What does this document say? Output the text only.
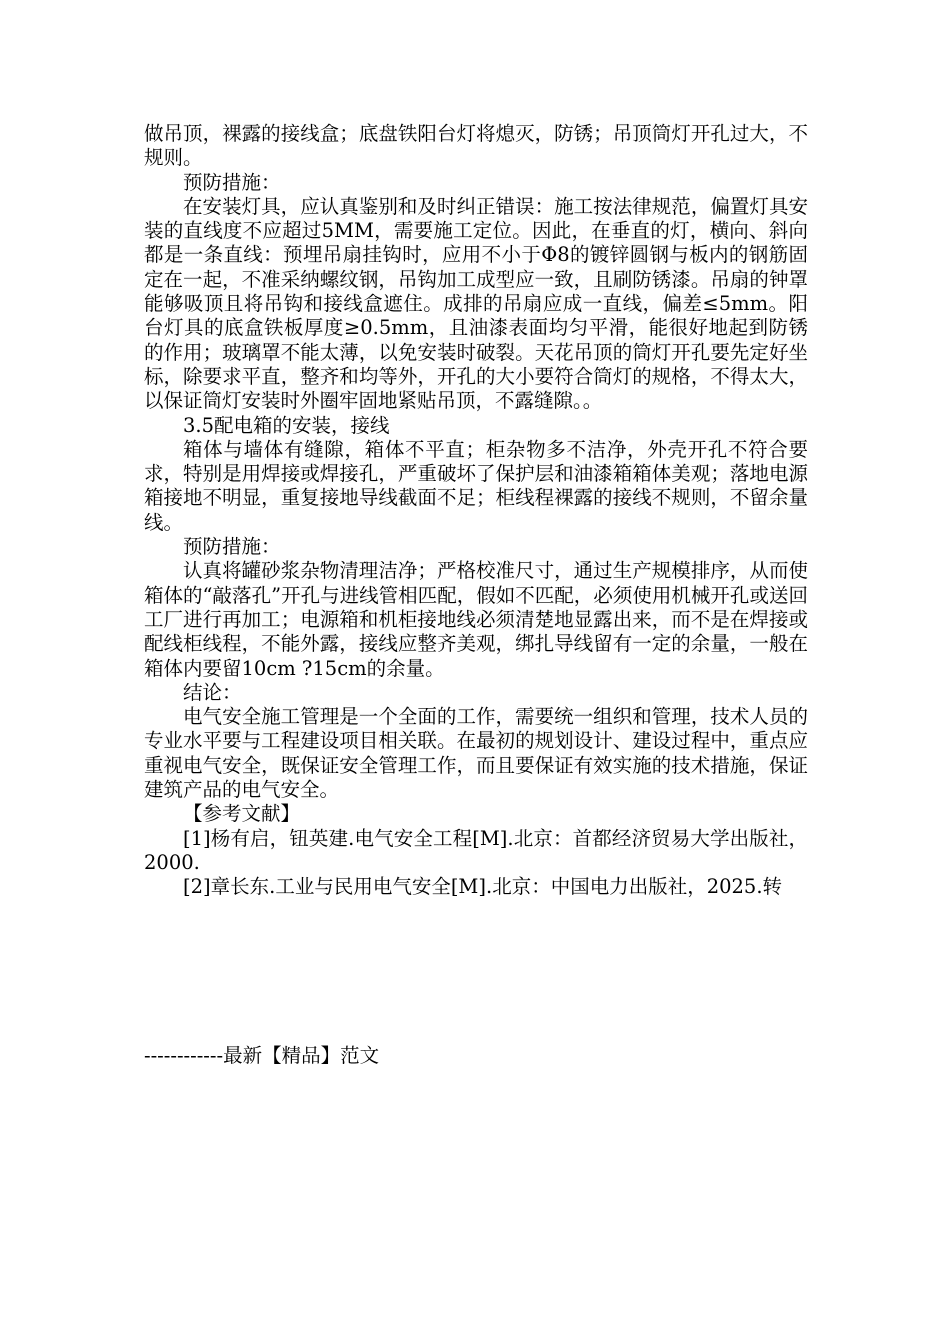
做吊顶，裸露的接线盒；底盘铁阳台灯将熄灭，防锈；吊顶筒灯开孔过大，不规则。

预防措施：

在安装灯具，应认真鉴别和及时纠正错误：施工按法律规范，偏置灯具安装的直线度不应超过5MM，需要施工定位。因此，在垂直的灯，横向、斜向都是一条直线：预埋吊扇挂钩时，应用不小于Φ8的镀锌圆钢与板内的钢筋固定在一起，不准采纳螺纹钢，吊钩加工成型应一致，且刷防锈漆。吊扇的钟罩能够吸顶且将吊钩和接线盒遮住。成排的吊扇应成一直线，偏差≤5mm。阳台灯具的底盒铁板厚度≥0.5mm，且油漆表面均匀平滑，能很好地起到防锈的作用；玻璃罩不能太薄，以免安装时破裂。天花吊顶的筒灯开孔要先定好坐标，除要求平直，整齐和均等外，开孔的大小要符合筒灯的规格，不得太大，以保证筒灯安装时外圈牢固地紧贴吊顶，不露缝隙。。

3.5配电箱的安装，接线

箱体与墙体有缝隙，箱体不平直；柜杂物多不洁净，外壳开孔不符合要求，特别是用焊接或焊接孔，严重破坏了保护层和油漆箱箱体美观；落地电源箱接地不明显，重复接地导线截面不足；柜线程裸露的接线不规则，不留余量线。

预防措施：

认真将罐砂浆杂物清理洁净；严格校准尺寸，通过生产规模排序，从而使箱体的“敲落孔”开孔与进线管相匹配，假如不匹配，必须使用机械开孔或送回工厂进行再加工；电源箱和机柜接地线必须清楚地显露出来，而不是在焊接或配线柜线程，不能外露，接线应整齐美观，绑扎导线留有一定的余量，一般在箱体内要留10cm ?15cm的余量。

结论：

电气安全施工管理是一个全面的工作，需要统一组织和管理，技术人员的专业水平要与工程建设项目相关联。在最初的规划设计、建设过程中，重点应重视电气安全，既保证安全管理工作，而且要保证有效实施的技术措施，保证建筑产品的电气安全。

【参考文献】

[1]杨有启，钮英建.电气安全工程[M].北京：首都经济贸易大学出版社，2000.

[2]章长东.工业与民用电气安全[M].北京：中国电力出版社，2025.转

------------最新【精品】范文
